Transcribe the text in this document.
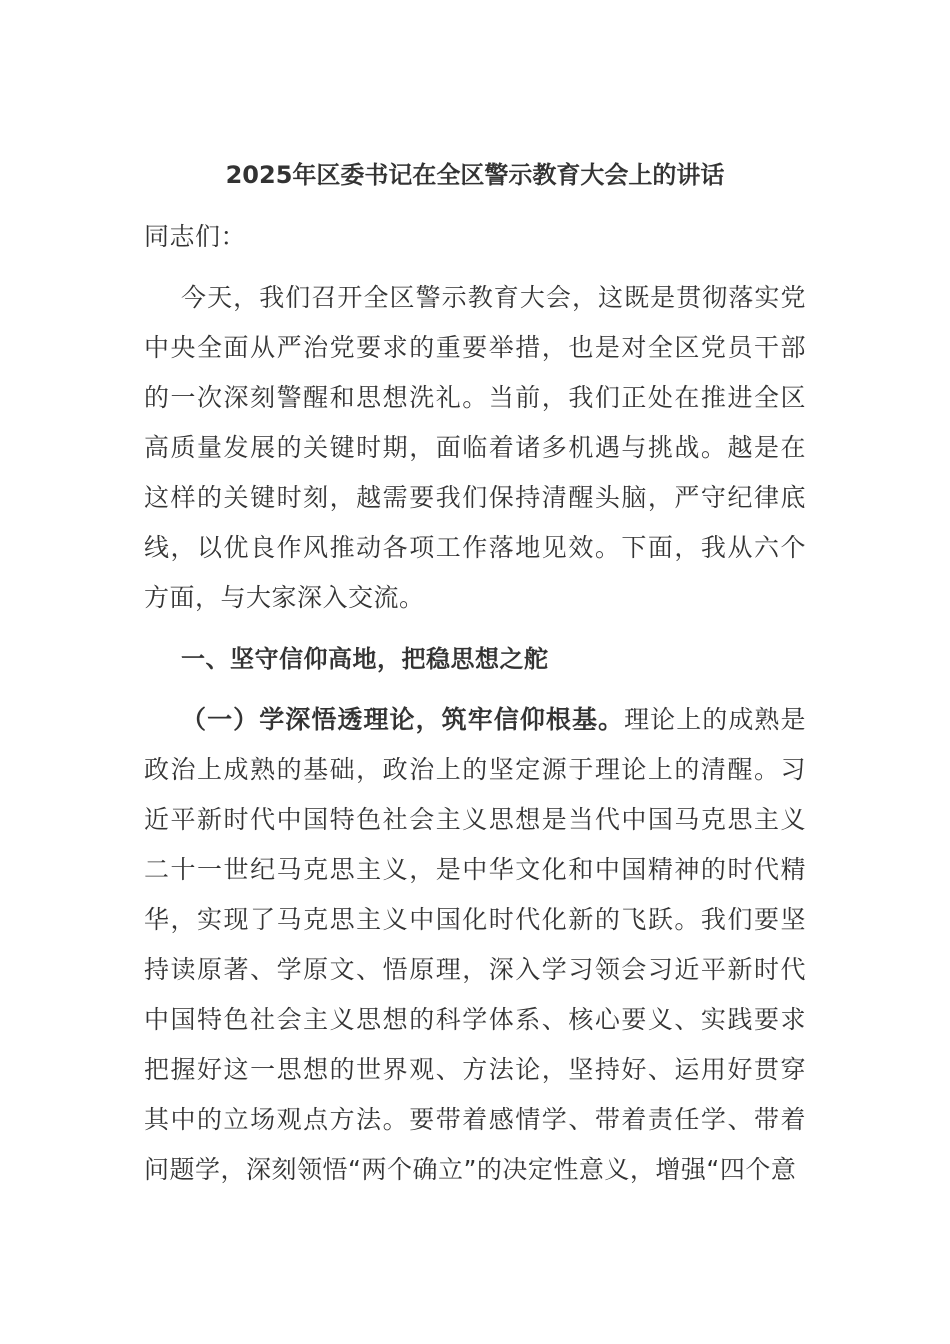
2025年区委书记在全区警示教育大会上的讲话
同志们：
今天，我们召开全区警示教育大会，这既是贯彻落实党中央全面从严治党要求的重要举措，也是对全区党员干部的一次深刻警醒和思想洗礼。当前，我们正处在推进全区高质量发展的关键时期，面临着诸多机遇与挑战。越是在这样的关键时刻，越需要我们保持清醒头脑，严守纪律底线，以优良作风推动各项工作落地见效。下面，我从六个方面，与大家深入交流。
一、坚守信仰高地，把稳思想之舵
（一）学深悟透理论，筑牢信仰根基。理论上的成熟是政治上成熟的基础，政治上的坚定源于理论上的清醒。习近平新时代中国特色社会主义思想是当代中国马克思主义二十一世纪马克思主义，是中华文化和中国精神的时代精华，实现了马克思主义中国化时代化新的飞跃。我们要坚持读原著、学原文、悟原理，深入学习领会习近平新时代中国特色社会主义思想的科学体系、核心要义、实践要求把握好这一思想的世界观、方法论，坚持好、运用好贯穿其中的立场观点方法。要带着感情学、带着责任学、带着问题学，深刻领悟“两个确立”的决定性意义，增强“四个意
